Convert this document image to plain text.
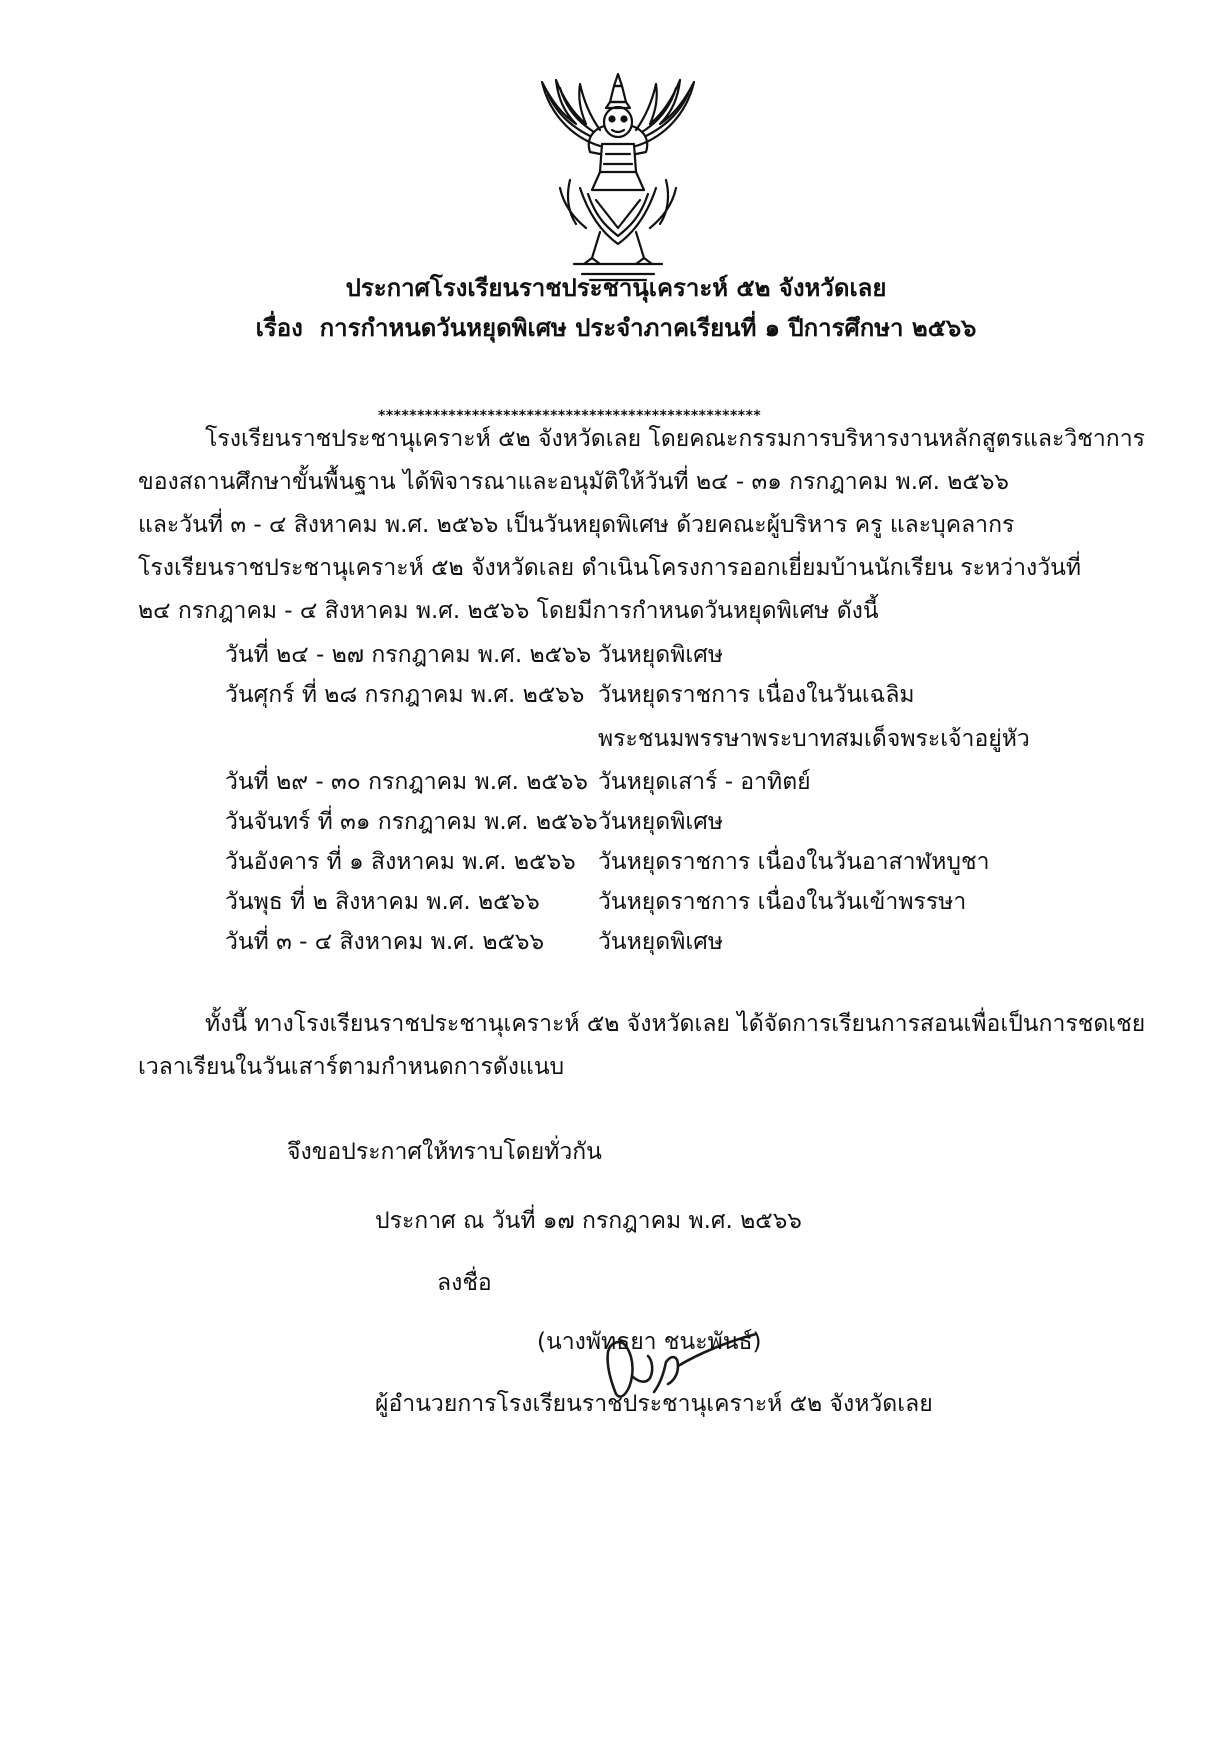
ประกาศโรงเรียนราชประชานุเคราะห์ ๕๒ จังหวัดเลย
เรื่อง การกำหนดวันหยุดพิเศษ ประจำภาคเรียนที่ ๑ ปีการศึกษา ๒๕๖๖
*************************************************
โรงเรียนราชประชานุเคราะห์ ๕๒ จังหวัดเลย โดยคณะกรรมการบริหารงานหลักสูตรและวิชาการ
ของสถานศึกษาขั้นพื้นฐาน ได้พิจารณาและอนุมัติให้วันที่ ๒๔ - ๓๑ กรกฎาคม พ.ศ. ๒๕๖๖
และวันที่ ๓ - ๔ สิงหาคม พ.ศ. ๒๕๖๖ เป็นวันหยุดพิเศษ ด้วยคณะผู้บริหาร ครู และบุคลากร
โรงเรียนราชประชานุเคราะห์ ๕๒ จังหวัดเลย ดำเนินโครงการออกเยี่ยมบ้านนักเรียน ระหว่างวันที่
๒๔ กรกฎาคม - ๔ สิงหาคม พ.ศ. ๒๕๖๖ โดยมีการกำหนดวันหยุดพิเศษ ดังนี้
วันที่ ๒๔ - ๒๗ กรกฎาคม พ.ศ. ๒๕๖๖ วันหยุดพิเศษ
วันศุกร์ ที่ ๒๘ กรกฎาคม พ.ศ. ๒๕๖๖ วันหยุดราชการ เนื่องในวันเฉลิม
พระชนมพรรษาพระบาทสมเด็จพระเจ้าอยู่หัว
วันที่ ๒๙ - ๓๐ กรกฎาคม พ.ศ. ๒๕๖๖ วันหยุดเสาร์ - อาทิตย์
วันจันทร์ ที่ ๓๑ กรกฎาคม พ.ศ. ๒๕๖๖ วันหยุดพิเศษ
วันอังคาร ที่ ๑ สิงหาคม พ.ศ. ๒๕๖๖ วันหยุดราชการ เนื่องในวันอาสาฬหบูชา
วันพุธ ที่ ๒ สิงหาคม พ.ศ. ๒๕๖๖	วันหยุดราชการ เนื่องในวันเข้าพรรษา
วันที่ ๓ - ๔ สิงหาคม พ.ศ. ๒๕๖๖	วันหยุดพิเศษ
ทั้งนี้ ทางโรงเรียนราชประชานุเคราะห์ ๕๒ จังหวัดเลย ได้จัดการเรียนการสอนเพื่อเป็นการชดเชย
เวลาเรียนในวันเสาร์ตามกำหนดการดังแนบ
จึงขอประกาศให้ทราบโดยทั่วกัน
ประกาศ ณ วันที่ ๑๗ กรกฎาคม พ.ศ. ๒๕๖๖
ลงชื่อ
(นางพัทธยา ชนะพันธ์)
ผู้อำนวยการโรงเรียนราชประชานุเคราะห์ ๕๒ จังหวัดเลย
